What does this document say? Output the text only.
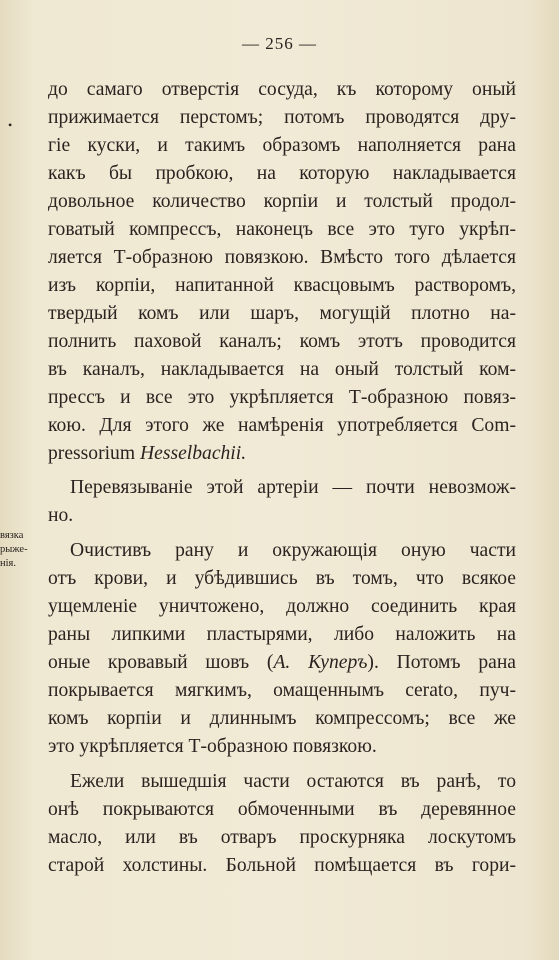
— 256 —
•
вязка
рыже-
нія.
до самаго отверстія сосуда, къ которому оный
прижимается перстомъ; потомъ проводятся дру-
гіе куски, и такимъ образомъ наполняется рана
какъ бы пробкою, на которую накладывается
довольное количество корпіи и толстый продол-
говатый компрессъ, наконецъ все это туго укрѣп-
ляется Т-образною повязкою. Вмѣсто того дѣлается
изъ корпіи, напитанной квасцовымъ растворомъ,
твердый комъ или шаръ, могущій плотно на-
полнить паховой каналъ; комъ этотъ проводится
въ каналъ, накладывается на оный толстый ком-
прессъ и все это укрѣпляется Т-образною повяз-
кою. Для этого же намѣренія употребляется Com-
pressorium Hesselbachii.
Перевязываніе этой артеріи — почти невозмож-
но.
Очистивъ рану и окружающія оную части
отъ крови, и убѣдившись въ томъ, что всякое
ущемленіе уничтожено, должно соединить края
раны липкими пластырями, либо наложить на
оные кровавый шовъ (А. Куперъ). Потомъ рана
покрывается мягкимъ, омащеннымъ cerato, пуч-
комъ корпіи и длиннымъ компрессомъ; все же
это укрѣпляется Т-образною повязкою.
Ежели вышедшія части остаются въ ранѣ, то
онѣ покрываются обмоченными въ деревянное
масло, или въ отваръ проскурняка лоскутомъ
старой холстины. Больной помѣщается въ гори-
